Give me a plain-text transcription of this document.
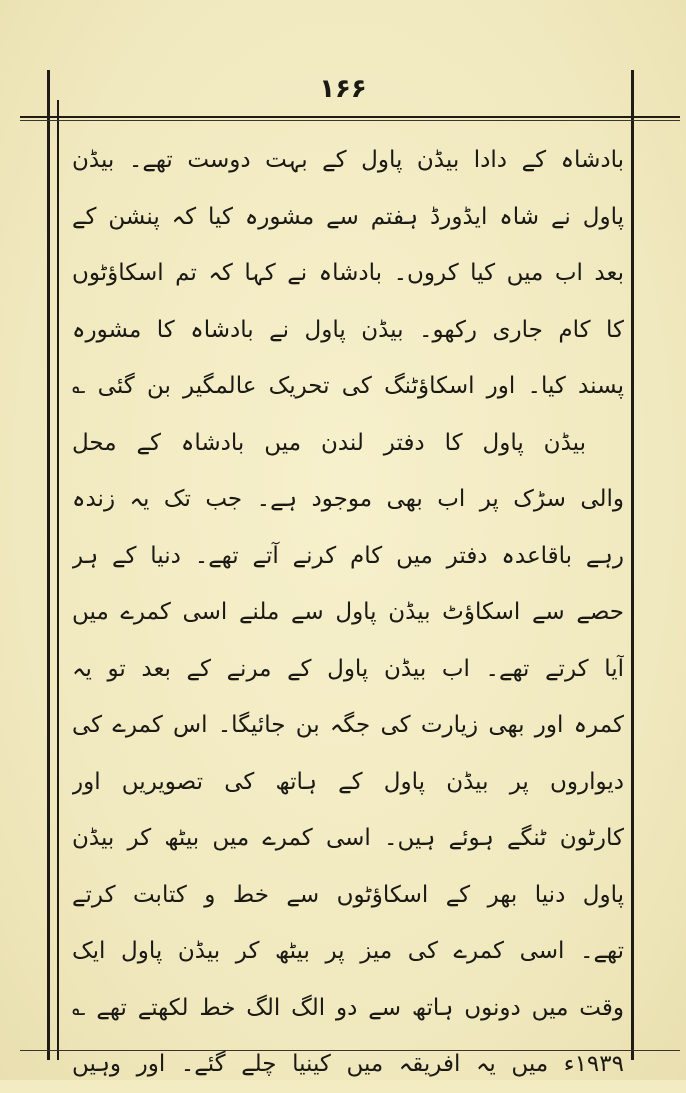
۱۶۶
بادشاہ کے دادا بیڈن پاول کے بہت دوست تھے۔ بیڈن
پاول نے شاہ ایڈورڈ ہفتم سے مشورہ کیا کہ پنشن کے
بعد اب میں کیا کروں۔ بادشاہ نے کہا کہ تم اسکاؤٹوں
کا کام جاری رکھو۔ بیڈن پاول نے بادشاہ کا مشورہ
پسند کیا۔ اور اسکاؤٹنگ کی تحریک عالمگیر بن گئی ؎
بیڈن پاول کا دفتر لندن میں بادشاہ کے محل
والی سڑک پر اب بھی موجود ہے۔ جب تک یہ زندہ
رہے باقاعدہ دفتر میں کام کرنے آتے تھے۔ دنیا کے ہر
حصے سے اسکاؤٹ بیڈن پاول سے ملنے اسی کمرے میں
آیا کرتے تھے۔ اب بیڈن پاول کے مرنے کے بعد تو یہ
کمرہ اور بھی زیارت کی جگہ بن جائیگا۔ اس کمرے کی
دیواروں پر بیڈن پاول کے ہاتھ کی تصویریں اور
کارٹون ٹنگے ہوئے ہیں۔ اسی کمرے میں بیٹھ کر بیڈن
پاول دنیا بھر کے اسکاؤٹوں سے خط و کتابت کرتے
تھے۔ اسی کمرے کی میز پر بیٹھ کر بیڈن پاول ایک
وقت میں دونوں ہاتھ سے دو الگ الگ خط لکھتے تھے ؎
۱۹۳۹ء میں یہ افریقہ میں کینیا چلے گئے۔ اور وہیں
